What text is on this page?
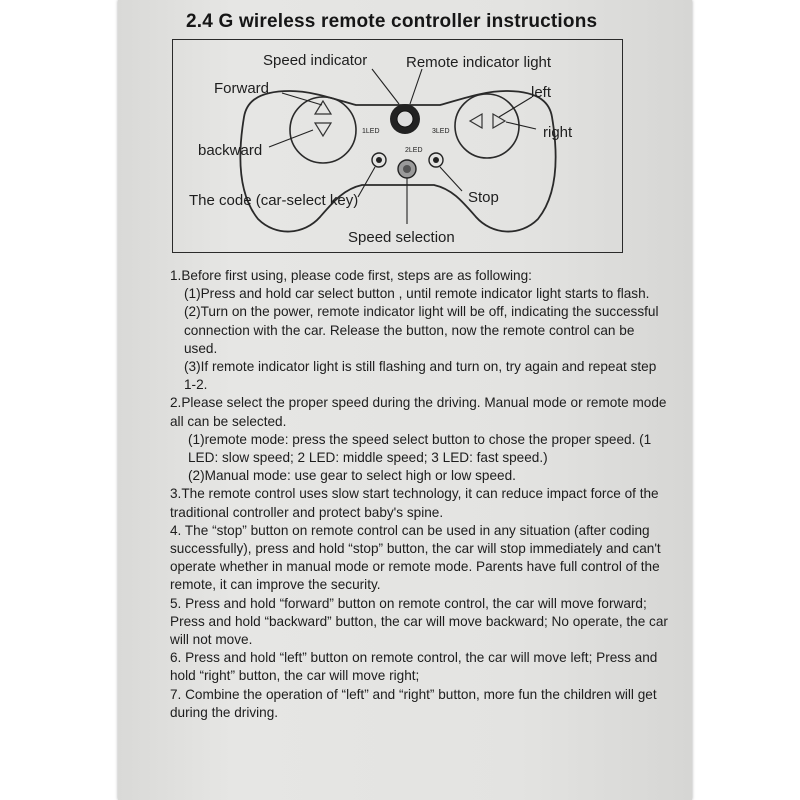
2.4 G wireless remote controller instructions
Speed indicator	Remote indicator light
Forward	left
right
backward
The code (car-select key)	Stop
Speed selection
1LED
2LED
3LED

1.Before first using, please code first, steps are as following:

(1)Press and hold car select button , until remote indicator light starts to flash.

(2)Turn on the power, remote indicator light will be off, indicating the successful connection with the car. Release the button, now the remote control can be used.

(3)If remote indicator light is still flashing and turn on, try again and repeat step 1-2.

2.Please select the proper speed during the driving. Manual mode or remote mode all can be selected.

(1)remote mode: press the speed select button to chose the proper speed. (1 LED: slow speed; 2 LED: middle speed; 3 LED: fast speed.)

(2)Manual mode: use gear to select high or low speed.

3.The remote control uses slow start technology, it can reduce impact force of the traditional controller and protect baby's spine.

4. The “stop” button on remote control can be used in any situation (after coding successfully), press and hold “stop” button, the car will stop immediately and can't operate whether in manual mode or remote mode. Parents have full control of the remote, it can improve the security.

5. Press and hold “forward” button on remote control, the car will move forward; Press and hold “backward” button, the car will move backward; No operate, the car will not move.

6. Press and hold “left” button on remote control, the car will move left; Press and hold “right” button, the car will move right;

7. Combine the operation of “left” and “right” button, more fun the children will get during the driving.
